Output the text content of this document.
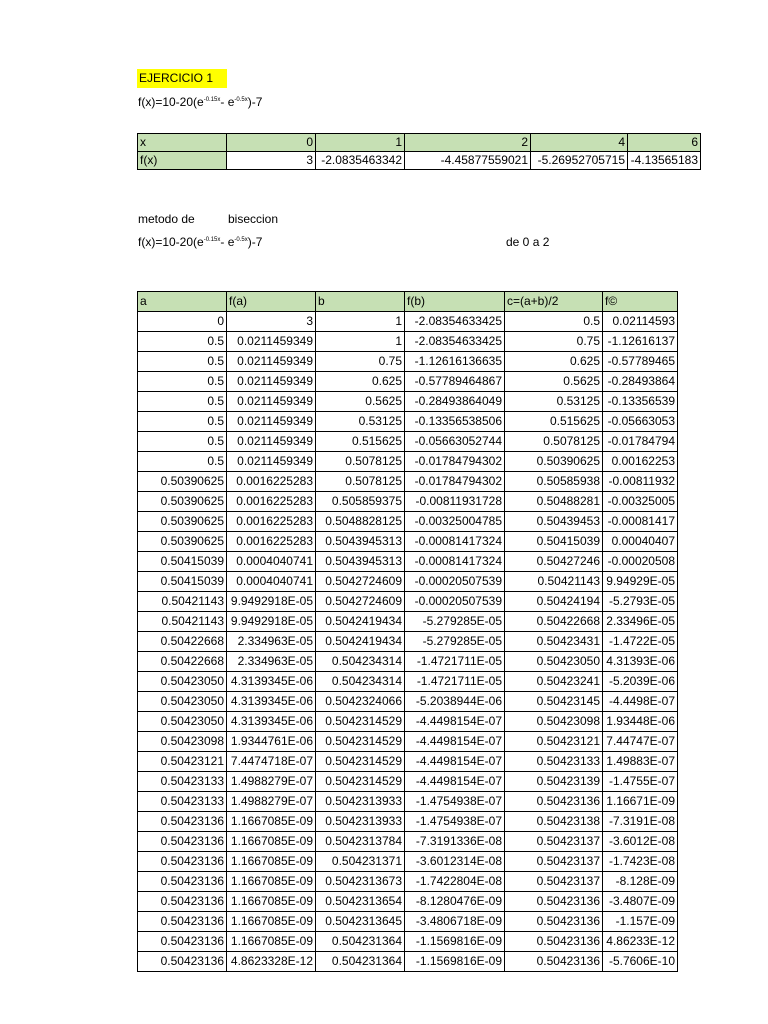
EJERCICIO 1
$f(x)=10-20(e^{-0.15x}-$ $e^{-0.5x})-7$
x	0	1	2	4	6
f(x)	3	-2.0835463342	-4.45877559021	-5.26952705715	-4.13565183
metodo de	biseccion
$f(x)=10-20(e^{-0.15x}-$ $e^{-0.5x})-7$	de 0 a 2
a	f(a)	b	f(b)	c=(a+b)/2	f©
0	3	1	-2.08354633425	0.5	0.02114593
0.5	0.0211459349	1	-2.08354633425	0.75	-1.12616137
0.5	0.0211459349	0.75	-1.12616136635	0.625	-0.57789465
0.5	0.0211459349	0.625	-0.57789464867	0.5625	-0.28493864
0.5	0.0211459349	0.5625	-0.28493864049	0.53125	-0.13356539
0.5	0.0211459349	0.53125	-0.13356538506	0.515625	-0.05663053
0.5	0.0211459349	0.515625	-0.05663052744	0.5078125	-0.01784794
0.5	0.0211459349	0.5078125	-0.01784794302	0.50390625	0.00162253
0.50390625	0.0016225283	0.5078125	-0.01784794302	0.50585938	-0.00811932
0.50390625	0.0016225283	0.505859375	-0.00811931728	0.50488281	-0.00325005
0.50390625	0.0016225283	0.5048828125	-0.00325004785	0.50439453	-0.00081417
0.50390625	0.0016225283	0.5043945313	-0.00081417324	0.50415039	0.00040407
0.50415039	0.0004040741	0.5043945313	-0.00081417324	0.50427246	-0.00020508
0.50415039	0.0004040741	0.5042724609	-0.00020507539	0.50421143	9.94929E-05
0.50421143	9.9492918E-05	0.5042724609	-0.00020507539	0.50424194	-5.2793E-05
0.50421143	9.9492918E-05	0.5042419434	-5.279285E-05	0.50422668	2.33496E-05
0.50422668	2.334963E-05	0.5042419434	-5.279285E-05	0.50423431	-1.4722E-05
0.50422668	2.334963E-05	0.504234314	-1.4721711E-05	0.50423050	4.31393E-06
0.50423050	4.3139345E-06	0.504234314	-1.4721711E-05	0.50423241	-5.2039E-06
0.50423050	4.3139345E-06	0.5042324066	-5.2038944E-06	0.50423145	-4.4498E-07
0.50423050	4.3139345E-06	0.5042314529	-4.4498154E-07	0.50423098	1.93448E-06
0.50423098	1.9344761E-06	0.5042314529	-4.4498154E-07	0.50423121	7.44747E-07
0.50423121	7.4474718E-07	0.5042314529	-4.4498154E-07	0.50423133	1.49883E-07
0.50423133	1.4988279E-07	0.5042314529	-4.4498154E-07	0.50423139	-1.4755E-07
0.50423133	1.4988279E-07	0.5042313933	-1.4754938E-07	0.50423136	1.16671E-09
0.50423136	1.1667085E-09	0.5042313933	-1.4754938E-07	0.50423138	-7.3191E-08
0.50423136	1.1667085E-09	0.5042313784	-7.3191336E-08	0.50423137	-3.6012E-08
0.50423136	1.1667085E-09	0.504231371	-3.6012314E-08	0.50423137	-1.7423E-08
0.50423136	1.1667085E-09	0.5042313673	-1.7422804E-08	0.50423137	-8.128E-09
0.50423136	1.1667085E-09	0.5042313654	-8.1280476E-09	0.50423136	-3.4807E-09
0.50423136	1.1667085E-09	0.5042313645	-3.4806718E-09	0.50423136	-1.157E-09
0.50423136	1.1667085E-09	0.504231364	-1.1569816E-09	0.50423136	4.86233E-12
0.50423136	4.8623328E-12	0.504231364	-1.1569816E-09	0.50423136	-5.7606E-10
